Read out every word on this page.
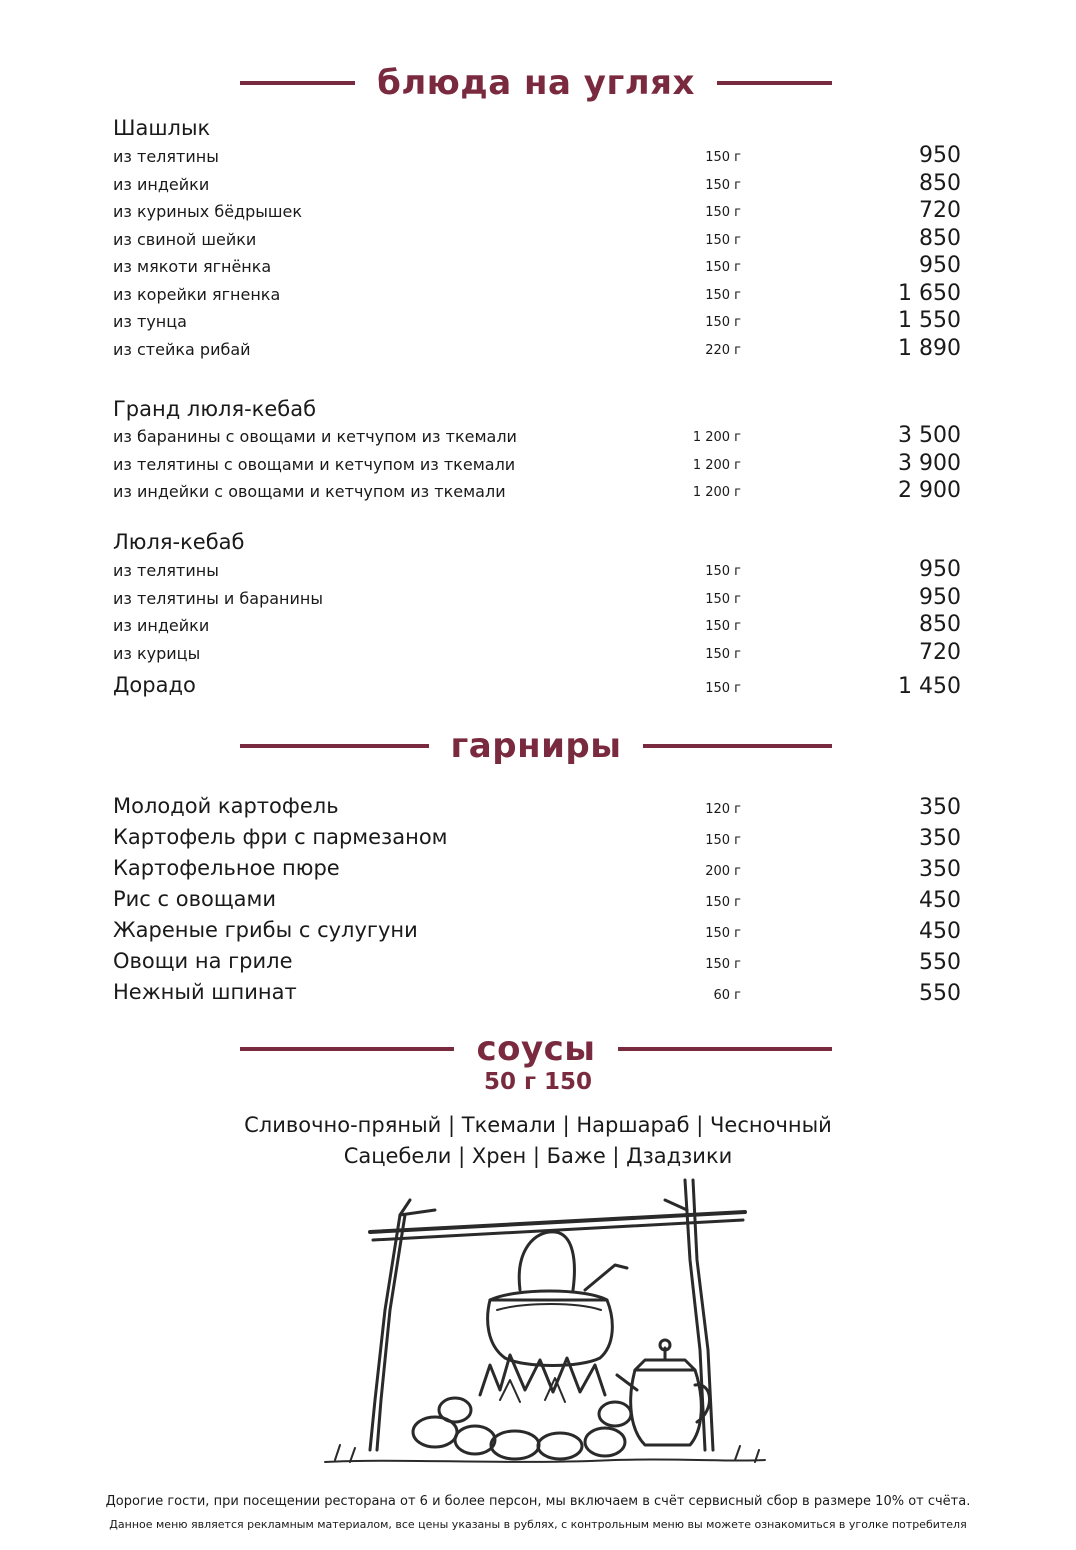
блюда на углях
Шашлык
из телятины	150 г	950
из индейки	150 г	850
из куриных бёдрышек	150 г	720
из свиной шейки	150 г	850
из мякоти ягнёнка	150 г	950
из корейки ягненка	150 г	1 650
из тунца	150 г	1 550
из стейка рибай	220 г	1 890
Гранд люля-кебаб
из баранины с овощами и кетчупом из ткемали	1 200 г	3 500
из телятины с овощами и кетчупом из ткемали	1 200 г	3 900
из индейки с овощами и кетчупом из ткемали	1 200 г	2 900
Люля-кебаб
из телятины	150 г	950
из телятины и баранины	150 г	950
из индейки	150 г	850
из курицы	150 г	720
Дорадо	150 г	1 450
гарниры
Молодой картофель	120 г	350
Картофель фри с пармезаном	150 г	350
Картофельное пюре	200 г	350
Рис с овощами	150 г	450
Жареные грибы с сулугуни	150 г	450
Овощи на гриле	150 г	550
Нежный шпинат	60 г	550
соусы
50 г 150
Сливочно-пряный | Ткемали | Наршараб | Чесночный
Сацебели | Хрен | Баже | Дзадзики
Дорогие гости, при посещении ресторана от 6 и более персон, мы включаем в счёт сервисный сбор в размере 10% от счёта.
Данное меню является рекламным материалом, все цены указаны в рублях, с контрольным меню вы можете ознакомиться в уголке потребителя
